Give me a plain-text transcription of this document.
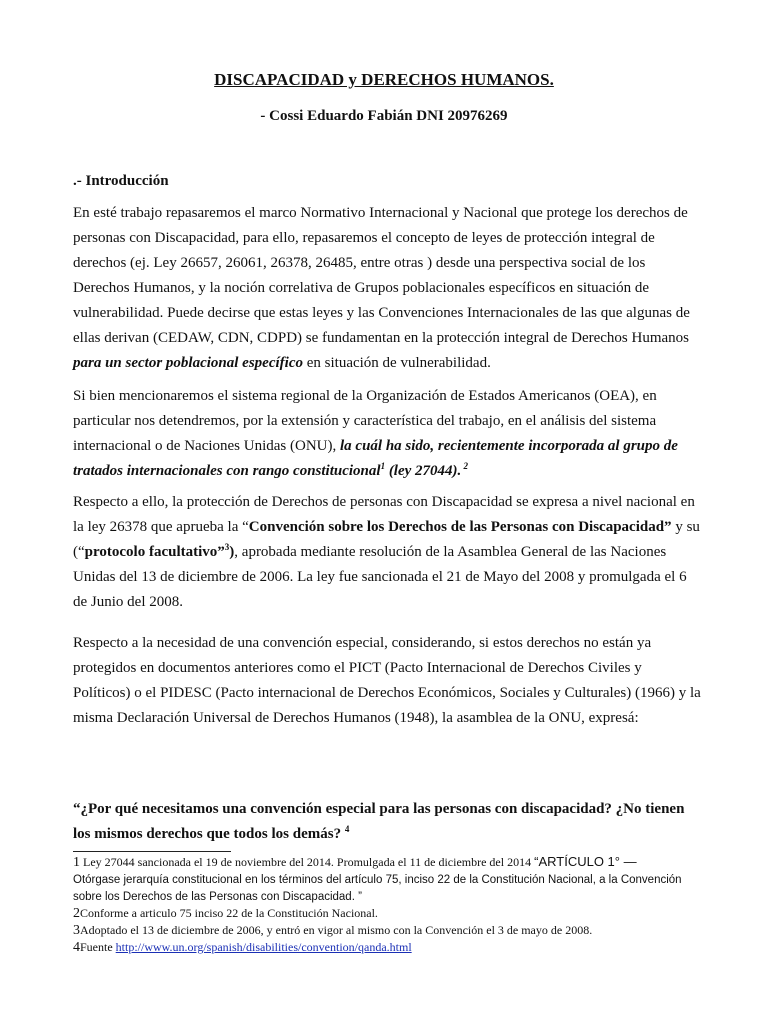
DISCAPACIDAD y DERECHOS HUMANOS.
- Cossi Eduardo Fabián DNI 20976269
.- Introducción
En esté trabajo repasaremos el marco Normativo Internacional y Nacional que protege los derechos de personas con Discapacidad, para ello, repasaremos el concepto de leyes de protección integral de derechos (ej. Ley 26657, 26061, 26378, 26485, entre otras ) desde una perspectiva social de los Derechos Humanos, y la noción correlativa de Grupos poblacionales específicos en situación de vulnerabilidad. Puede decirse que estas leyes y las Convenciones Internacionales de las que algunas de ellas derivan (CEDAW, CDN, CDPD) se fundamentan en la protección integral de Derechos Humanos para un sector poblacional específico en situación de vulnerabilidad.
Si bien mencionaremos el sistema regional de la Organización de Estados Americanos (OEA), en particular nos detendremos, por la extensión y característica del trabajo, en el análisis del sistema internacional o de Naciones Unidas (ONU), la cuál ha sido, recientemente incorporada al grupo de tratados internacionales con rango constitucional$^1$ (ley 27044). $^2$
Respecto a ello, la protección de Derechos de personas con Discapacidad se expresa a nivel nacional en la ley 26378 que aprueba la “Convención sobre los Derechos de las Personas con Discapacidad” y su (“protocolo facultativo”$^3$), aprobada mediante resolución de la Asamblea General de las Naciones Unidas del 13 de diciembre de 2006. La ley fue sancionada el 21 de Mayo del 2008 y promulgada el 6 de Junio del 2008.
Respecto a la necesidad de una convención especial, considerando, si estos derechos no están ya protegidos en documentos anteriores como el PICT (Pacto Internacional de Derechos Civiles y Políticos) o el PIDESC (Pacto internacional de Derechos Económicos, Sociales y Culturales) (1966) y la misma Declaración Universal de Derechos Humanos (1948), la asamblea de la ONU, expresá:
“¿Por qué necesitamos una convención especial para las personas con discapacidad? ¿No tienen los mismos derechos que todos los demás? $^4$

1 Ley 27044 sancionada el 19 de noviembre del 2014. Promulgada el 11 de diciembre del 2014 “ARTÍCULO 1° —
Otórgase jerarquía constitucional en los términos del artículo 75, inciso 22 de la Constitución Nacional, a la Convención sobre los Derechos de las Personas con Discapacidad. ”

2Conforme a articulo 75 inciso 22 de la Constitución Nacional.

3Adoptado el 13 de diciembre de 2006, y entró en vigor al mismo con la Convención el 3 de mayo de 2008.

4Fuente http://www.un.org/spanish/disabilities/convention/qanda.html
